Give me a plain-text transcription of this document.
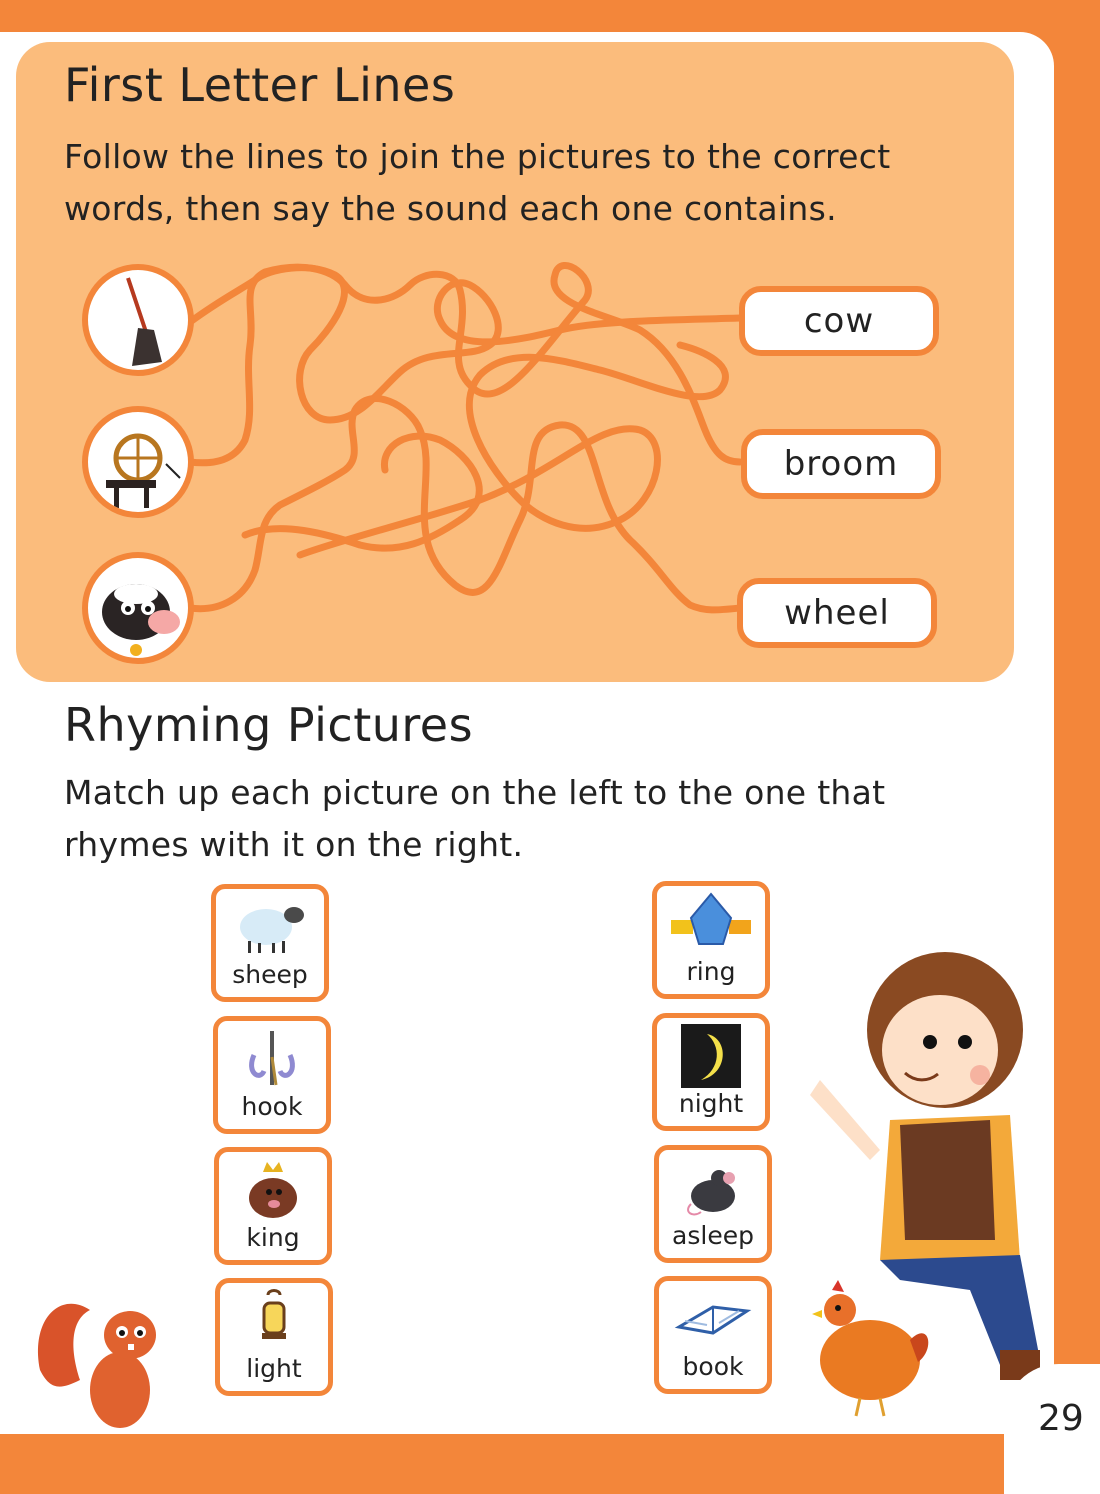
First Letter Lines

Follow the lines to join the pictures to the correct

words, then say the sound each one contains.

cow
broom
wheel
Rhyming Pictures

Match up each picture on the left to the one that

rhymes with it on the right.

sheep
hook
king
light
ring
night
asleep
book
29
